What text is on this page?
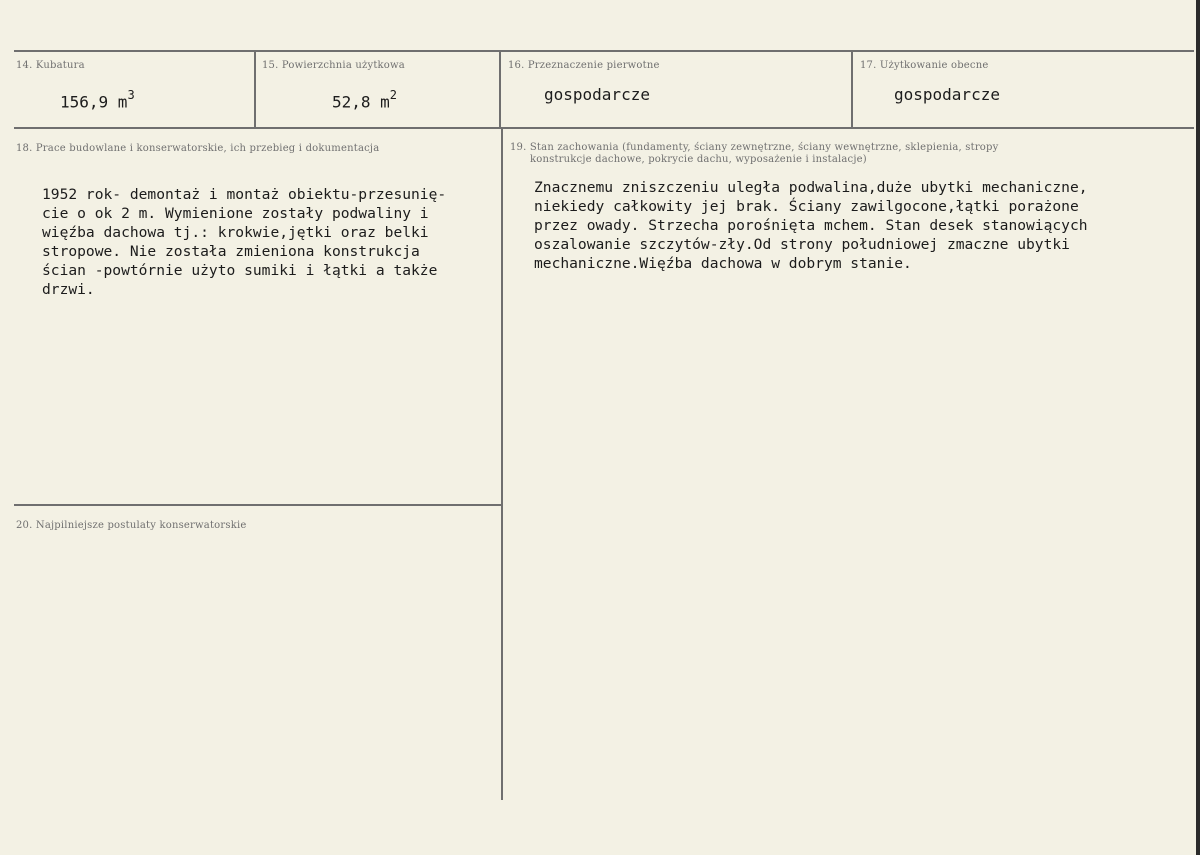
14. Kubatura
156,9 $m^3$
15. Powierzchnia użytkowa
52,8 $m^2$
16. Przeznaczenie pierwotne
gospodarcze
17. Użytkowanie obecne
gospodarcze
18. Prace budowlane i konserwatorskie, ich przebieg i dokumentacja
1952 rok- demontaż i montaż obiektu-przesunię-
cie o ok 2 m. Wymienione zostały podwaliny i
więźba dachowa tj.: krokwie,jętki oraz belki
stropowe. Nie została zmieniona konstrukcja
ścian -powtórnie użyto sumiki i łątki a także
drzwi.
19. Stan zachowania (fundamenty, ściany zewnętrzne, ściany wewnętrzne, sklepienia, stropy
konstrukcje dachowe, pokrycie dachu, wyposażenie i instalacje)
Znacznemu zniszczeniu uległa podwalina,duże ubytki mechaniczne,
niekiedy całkowity jej brak. Ściany zawilgocone,łątki porażone
przez owady. Strzecha porośnięta mchem. Stan desek stanowiących
oszalowanie szczytów-zły.Od strony południowej zmaczne ubytki
mechaniczne.Więźba dachowa w dobrym stanie.
20. Najpilniejsze postulaty konserwatorskie
